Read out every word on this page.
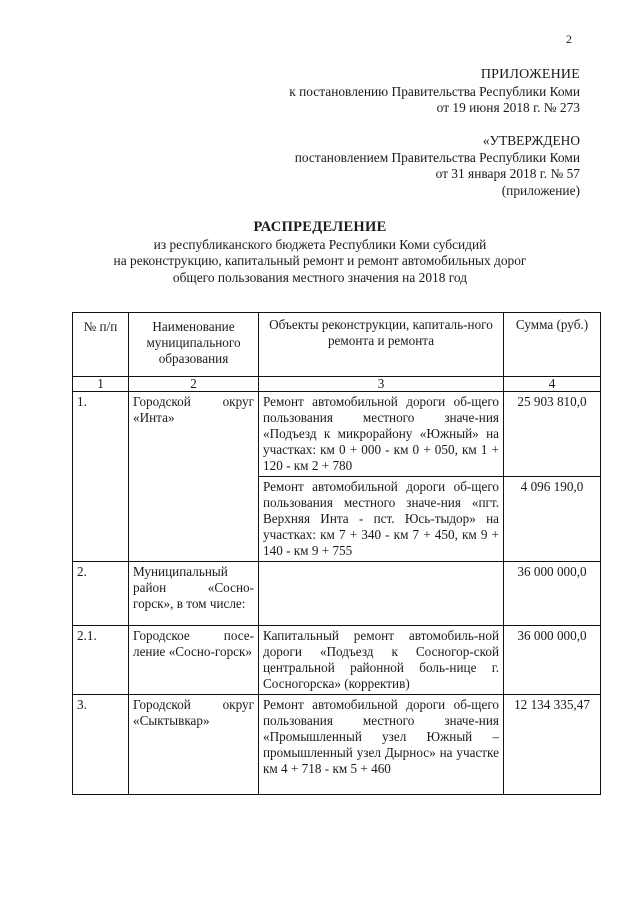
2
ПРИЛОЖЕНИЕ
к постановлению Правительства Республики Коми
от 19 июня 2018 г. № 273
«УТВЕРЖДЕНО
постановлением Правительства Республики Коми
от 31 января 2018 г. № 57
(приложение)
РАСПРЕДЕЛЕНИЕ
из республиканского бюджета Республики Коми субсидий
на реконструкцию, капитальный ремонт и ремонт автомобильных дорог
общего пользования местного значения на 2018 год
№ п/п	Наименование муниципального образования	Объекты реконструкции, капиталь-ного ремонта и ремонта	Сумма (руб.)
1	2	3	4
1.	Городской округ «Инта»	Ремонт автомобильной дороги об-щего пользования местного значе-ния «Подъезд к микрорайону «Южный» на участках: км 0 + 000 - км 0 + 050, км 1 + 120 - км 2 + 780	25 903 810,0
		Ремонт автомобильной дороги об-щего пользования местного значе-ния «пгт. Верхняя Инта - пст. Юсь-тыдор» на участках: км 7 + 340 - км 7 + 450, км 9 + 140 - км 9 + 755	4 096 190,0
2.	Муниципальный район «Сосно-горск», в том числе:		36 000 000,0
2.1.	Городское посе-ление «Сосно-горск»	Капитальный ремонт автомобиль-ной дороги «Подъезд к Сосногор-ской центральной районной боль-нице г. Сосногорска» (корректив)	36 000 000,0
3.	Городской округ «Сыктывкар»	Ремонт автомобильной дороги об-щего пользования местного значе-ния «Промышленный узел Южный – промышленный узел Дырнос» на участке км 4 + 718 - км 5 + 460	12 134 335,47
